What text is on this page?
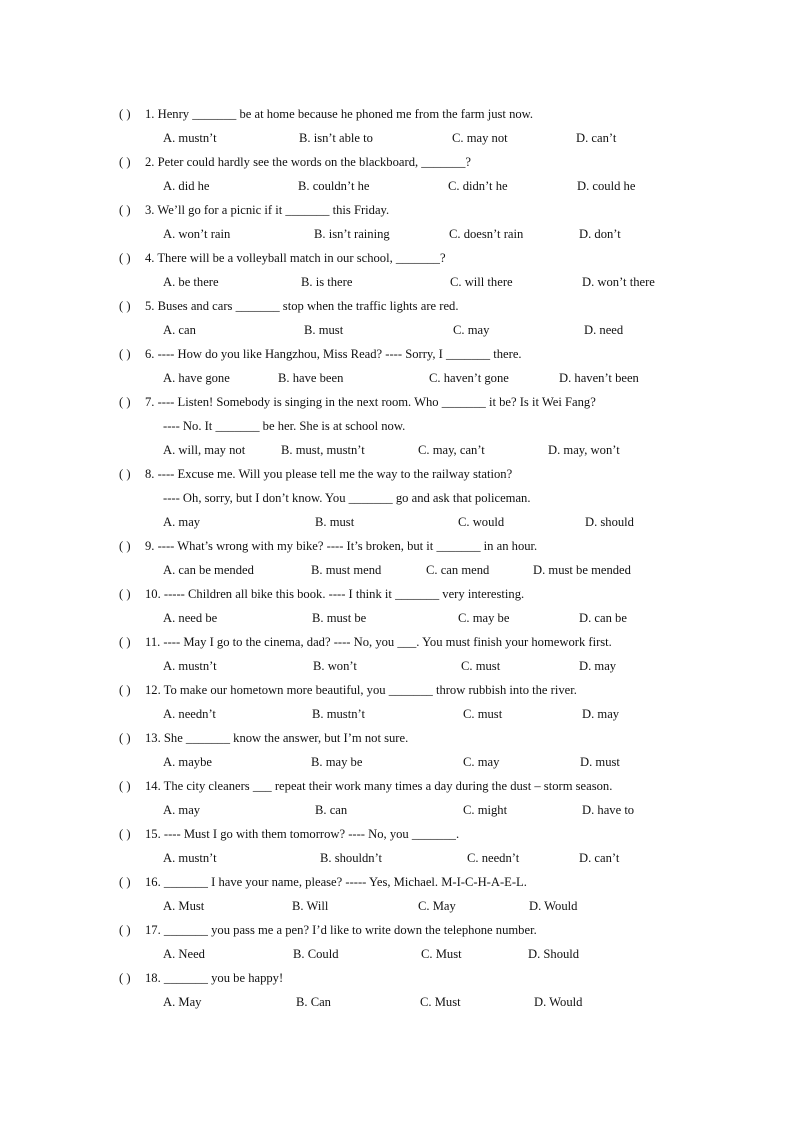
( ) 1. Henry _______ be at home because he phoned me from the farm just now.
A. mustn’t	B. isn’t able to	C. may not	D. can’t
( ) 2. Peter could hardly see the words on the blackboard, _______?
A. did he	B. couldn’t he	C. didn’t he	D. could he
( ) 3. We’ll go for a picnic if it _______ this Friday.
A. won’t rain	B. isn’t raining	C. doesn’t rain	D. don’t
( ) 4. There will be a volleyball match in our school, _______?
A. be there	B. is there	C. will there	D. won’t there
( ) 5. Buses and cars _______ stop when the traffic lights are red.
A. can	B. must	C. may	D. need
( ) 6. ---- How do you like Hangzhou, Miss Read? ---- Sorry, I _______ there.
A. have gone	B. have been	C. haven’t gone	D. haven’t been
( ) 7. ---- Listen! Somebody is singing in the next room. Who _______ it be? Is it Wei Fang?
---- No. It _______ be her. She is at school now.
A. will, may not	B. must, mustn’t	C. may, can’t	D. may, won’t
( ) 8. ---- Excuse me. Will you please tell me the way to the railway station?
---- Oh, sorry, but I don’t know. You _______ go and ask that policeman.
A. may	B. must	C. would	D. should
( ) 9. ---- What’s wrong with my bike? ---- It’s broken, but it _______ in an hour.
A. can be mended	B. must mend	C. can mend	D. must be mended
( ) 10. ----- Children all bike this book. ---- I think it _______ very interesting.
A. need be	B. must be	C. may be	D. can be
( ) 11. ---- May I go to the cinema, dad? ---- No, you ___. You must finish your homework first.
A. mustn’t	B. won’t	C. must	D. may
( ) 12. To make our hometown more beautiful, you _______ throw rubbish into the river.
A. needn’t	B. mustn’t	C. must	D. may
( ) 13. She _______ know the answer, but I’m not sure.
A. maybe	B. may be	C. may	D. must
( ) 14. The city cleaners ___ repeat their work many times a day during the dust – storm season.
A. may	B. can	C. might	D. have to
( ) 15. ---- Must I go with them tomorrow? ---- No, you _______.
A. mustn’t	B. shouldn’t	C. needn’t	D. can’t
( ) 16. _______ I have your name, please? ----- Yes, Michael. M-I-C-H-A-E-L.
A. Must	B. Will	C. May	D. Would
( ) 17. _______ you pass me a pen? I’d like to write down the telephone number.
A. Need	B. Could	C. Must	D. Should
( ) 18. _______ you be happy!
A. May	B. Can	C. Must	D. Would
